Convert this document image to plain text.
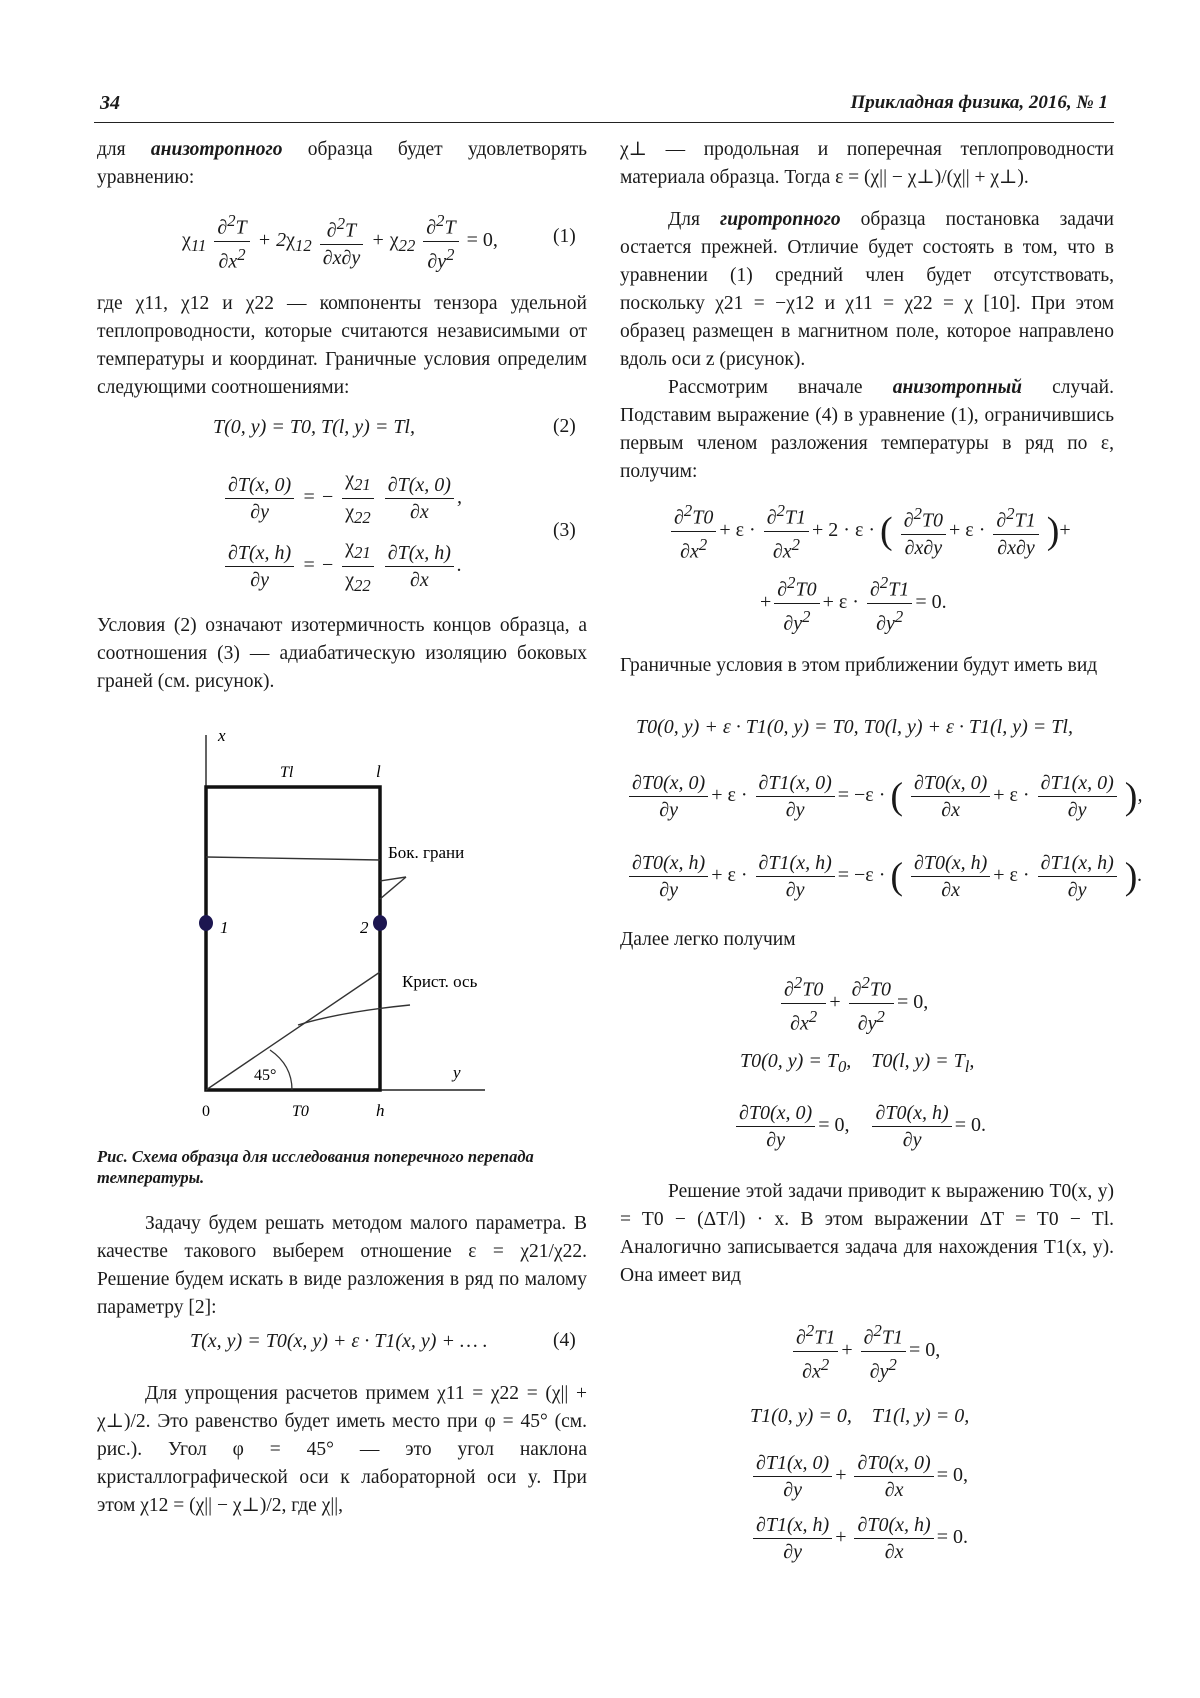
34	Прикладная физика, 2016, № 1

для анизотропного образца будет удовлетворять уравнению:

$\chi_{11} \frac{\partial^2T}{\partial x^2} + 2\chi_{12} \frac{\partial^2T}{\partial x\partial y} + \chi_{22} \frac{\partial^2T}{\partial y^2} = 0$,	(1)

где χ11, χ12 и χ22 — компоненты тензора удельной теплопроводности, которые считаются независимыми от температуры и координат. Граничные условия определим следующими соотношениями:

T(0, y) = T0, T(l, y) = Tl,	(2)
$\frac{\partial T(x, 0)}{\partial y}$ = − $\frac{\chi_{21}}{\chi_{22}}$
$\frac{\partial T(x, 0)}{\partial x}$ ,
$\frac{\partial T(x, h)}{\partial y}$ = − $\frac{\chi_{21}}{\chi_{22}}$
$\frac{\partial T(x, h)}{\partial x}$ .
(3)

Условия (2) означают изотермичность концов образца, а соотношения (3) — адиабатическую изоляцию боковых граней (см. рисунок).

x
y
0
Tl	l
T0	h
Бок. грани
Крист. ось
1	2
45°
Рис. Схема образца для исследования поперечного перепада температуры.

Задачу будем решать методом малого параметра. В качестве такового выберем отношение ε = χ21/χ22. Решение будем искать в виде разложения в ряд по малому параметру [2]:

T(x, y) = T0(x, y) + ε · T1(x, y) + … .	(4)

Для упрощения расчетов примем χ11 = χ22 = (χ|| + χ⊥)/2. Это равенство будет иметь место при φ = 45° (см. рис.). Угол φ = 45° — это угол наклона кристаллографической оси к лабораторной оси y. При этом χ12 = (χ|| − χ⊥)/2, где χ||,

χ⊥ — продольная и поперечная теплопроводности материала образца. Тогда ε = (χ|| − χ⊥)/(χ|| + χ⊥).

Для гиротропного образца постановка задачи остается прежней. Отличие будет состоять в том, что в уравнении (1) средний член будет отсутствовать, поскольку χ21 = −χ12 и χ11 = χ22 = χ [10]. При этом образец размещен в магнитном поле, которое направлено вдоль оси z (рисунок).

Рассмотрим вначале анизотропный случай. Подставим выражение (4) в уравнение (1), ограничившись первым членом разложения температуры в ряд по ε, получим:

$\frac{\partial^2T0}{\partial x^2} + \varepsilon \cdot \frac{\partial^2T1}{\partial x^2} + 2 \cdot \varepsilon$ · ( $\frac{\partial^2T0}{\partial x\partial y} + \varepsilon \cdot \frac{\partial^2T1}{\partial x\partial y}$ )+
+ $\frac{\partial^2T0}{\partial y^2} + \varepsilon \cdot \frac{\partial^2T1}{\partial y^2} = 0$.

Граничные условия в этом приближении будут иметь вид

T0(0, y) + ε · T1(0, y) = T0, T0(l, y) + ε · T1(l, y) = Tl,
$\frac{\partial T0(x, 0)}{\partial y} + \varepsilon \cdot \frac{\partial T1(x, 0)}{\partial y} = -\varepsilon$ · ( $\frac{\partial T0(x, 0)}{\partial x} + \varepsilon \cdot \frac{\partial T1(x, 0)}{\partial y}$ ),
$\frac{\partial T0(x, h)}{\partial y} + \varepsilon \cdot \frac{\partial T1(x, h)}{\partial y} = -\varepsilon$ · ( $\frac{\partial T0(x, h)}{\partial x} + \varepsilon \cdot \frac{\partial T1(x, h)}{\partial y}$ ).

Далее легко получим

$\frac{\partial^2T0}{\partial x^2} + \frac{\partial^2T0}{\partial y^2} = 0$,
T0(0, $y) = T_0$,    T0(l, $y) = T_l$,
$\frac{\partial T0(x, 0)}{\partial y} = 0$, $\frac{\partial T0(x, h)}{\partial y} = 0$.

Решение этой задачи приводит к выражению T0(x, y) = T0 − (ΔT/l) · x. В этом выражении ΔT = T0 − Tl. Аналогично записывается задача для нахождения T1(x, y). Она имеет вид

$\frac{\partial^2T1}{\partial x^2} + \frac{\partial^2T1}{\partial y^2} = 0$,
T1(0, y) = 0,    T1(l, y) = 0,
$\frac{\partial T1(x, 0)}{\partial y} + \frac{\partial T0(x, 0)}{\partial x} = 0$,
$\frac{\partial T1(x, h)}{\partial y} + \frac{\partial T0(x, h)}{\partial x} = 0$.
